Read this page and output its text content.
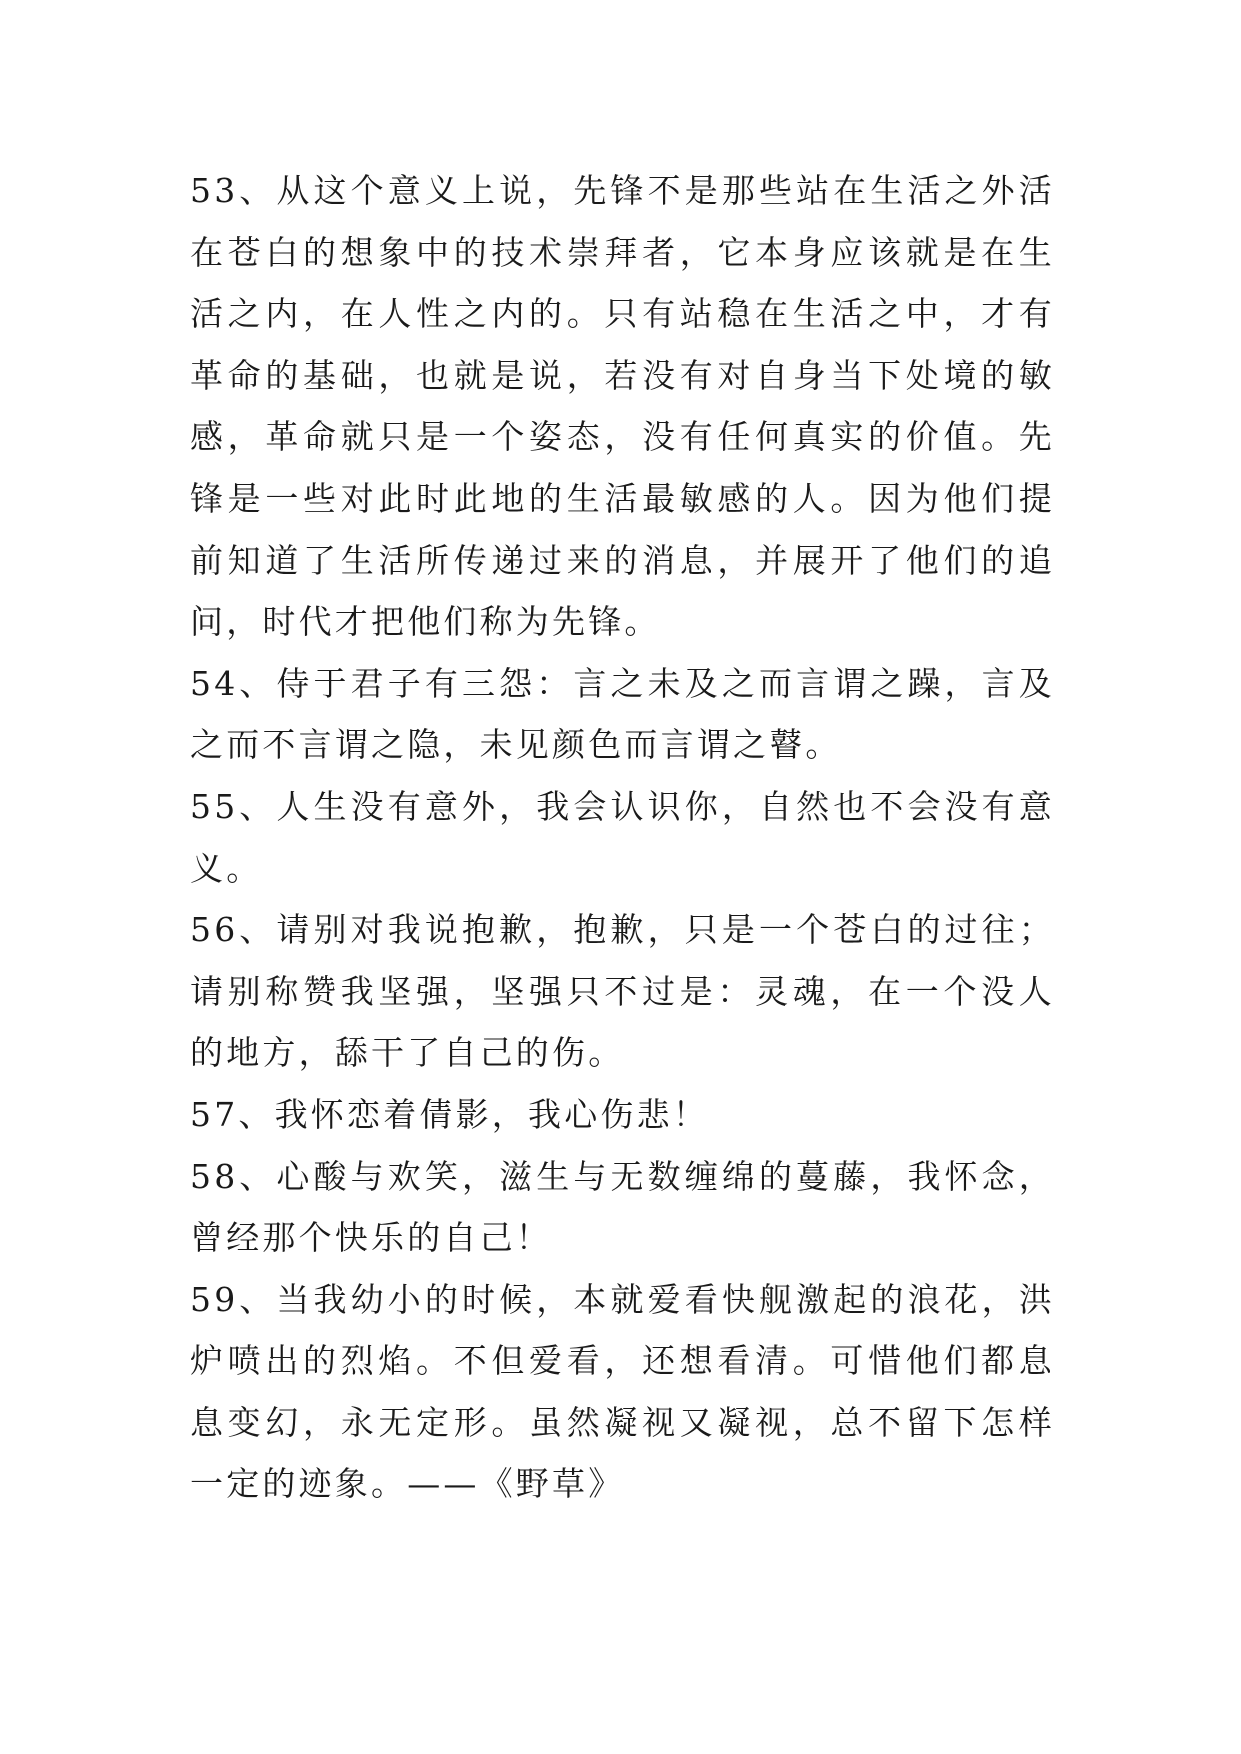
53、从这个意义上说，先锋不是那些站在生活之外活在苍白的想象中的技术崇拜者，它本身应该就是在生活之内，在人性之内的。只有站稳在生活之中，才有革命的基础，也就是说，若没有对自身当下处境的敏感，革命就只是一个姿态，没有任何真实的价值。先锋是一些对此时此地的生活最敏感的人。因为他们提前知道了生活所传递过来的消息，并展开了他们的追问，时代才把他们称为先锋。

54、侍于君子有三怨：言之未及之而言谓之躁，言及之而不言谓之隐，未见颜色而言谓之瞽。

55、人生没有意外，我会认识你，自然也不会没有意义。

56、请别对我说抱歉，抱歉，只是一个苍白的过往；请别称赞我坚强，坚强只不过是：灵魂，在一个没人的地方，舔干了自己的伤。

57、我怀恋着倩影，我心伤悲！

58、心酸与欢笑，滋生与无数缠绵的蔓藤，我怀念，曾经那个快乐的自己！

59、当我幼小的时候，本就爱看快舰激起的浪花，洪炉喷出的烈焰。不但爱看，还想看清。可惜他们都息息变幻，永无定形。虽然凝视又凝视，总不留下怎样一定的迹象。——《野草》
